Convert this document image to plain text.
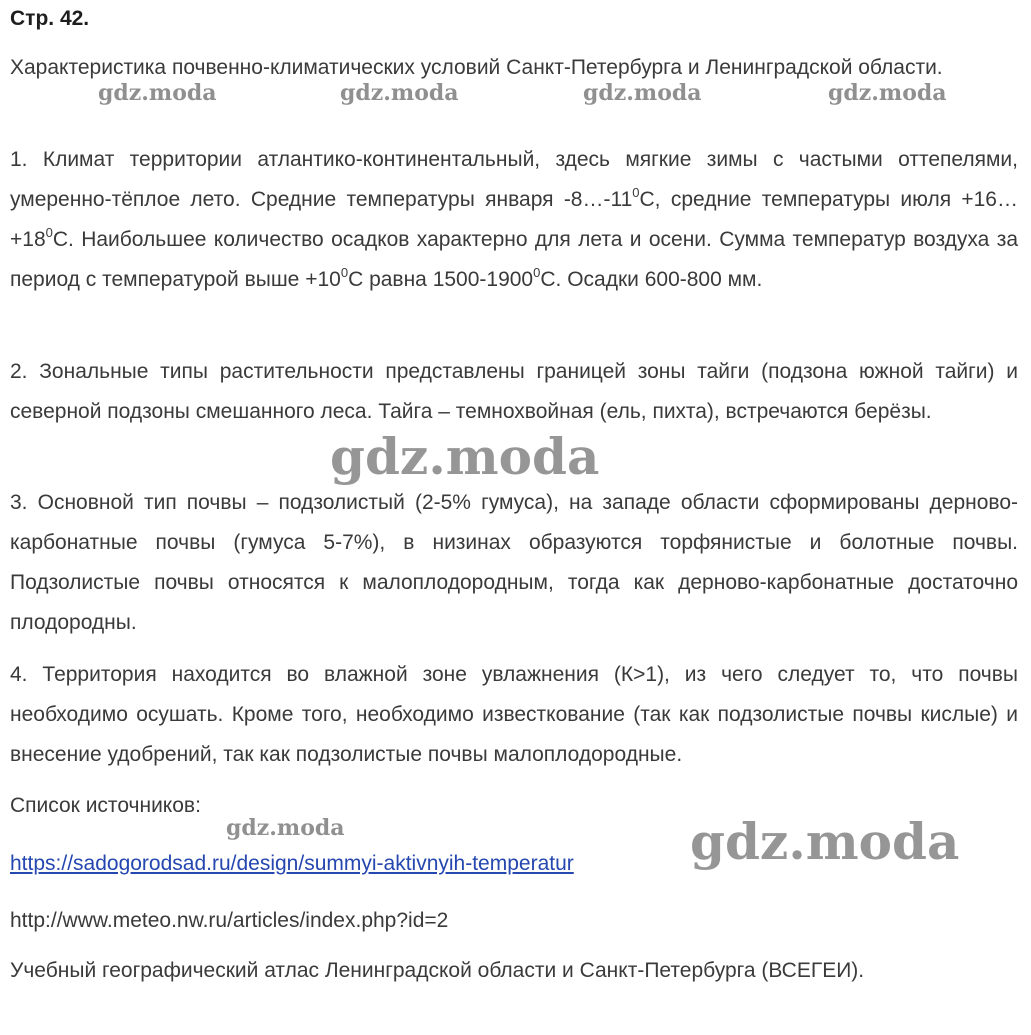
Стр. 42.

Характеристика почвенно-климатических условий Санкт-Петербурга и Ленинградской области.

1. Климат территории атлантико-континентальный, здесь мягкие зимы с частыми оттепелями, умеренно-тёплое лето. Средние температуры января $-8\dots-11^0С$, средние температуры июля $+16\dots+18^0С$. Наибольшее количество осадков характерно для лета и осени. Сумма температур воздуха за период с температурой выше $+10^0С$ равна 1500-1900$^0$С. Осадки 600-800 мм.

2. Зональные типы растительности представлены границей зоны тайги (подзона южной тайги) и северной подзоны смешанного леса. Тайга – темнохвойная (ель, пихта), встречаются берёзы.

3. Основной тип почвы – подзолистый (2-5% гумуса), на западе области сформированы дерново-карбонатные почвы (гумуса 5-7%), в низинах образуются торфянистые и болотные почвы. Подзолистые почвы относятся к малоплодородным, тогда как дерново-карбонатные достаточно плодородны.

4. Территория находится во влажной зоне увлажнения (К>1), из чего следует то, что почвы необходимо осушать. Кроме того, необходимо известкование (так как подзолистые почвы кислые) и внесение удобрений, так как подзолистые почвы малоплодородные.

Список источников:

https://sadogorodsad.ru/design/summyi-aktivnyih-temperatur

http://www.meteo.nw.ru/articles/index.php?id=2

Учебный географический атлас Ленинградской области и Санкт-Петербурга (ВСЕГЕИ).

gdz.moda	gdz.moda	gdz.moda	gdz.moda
gdz.moda
gdz.moda	gdz.moda
